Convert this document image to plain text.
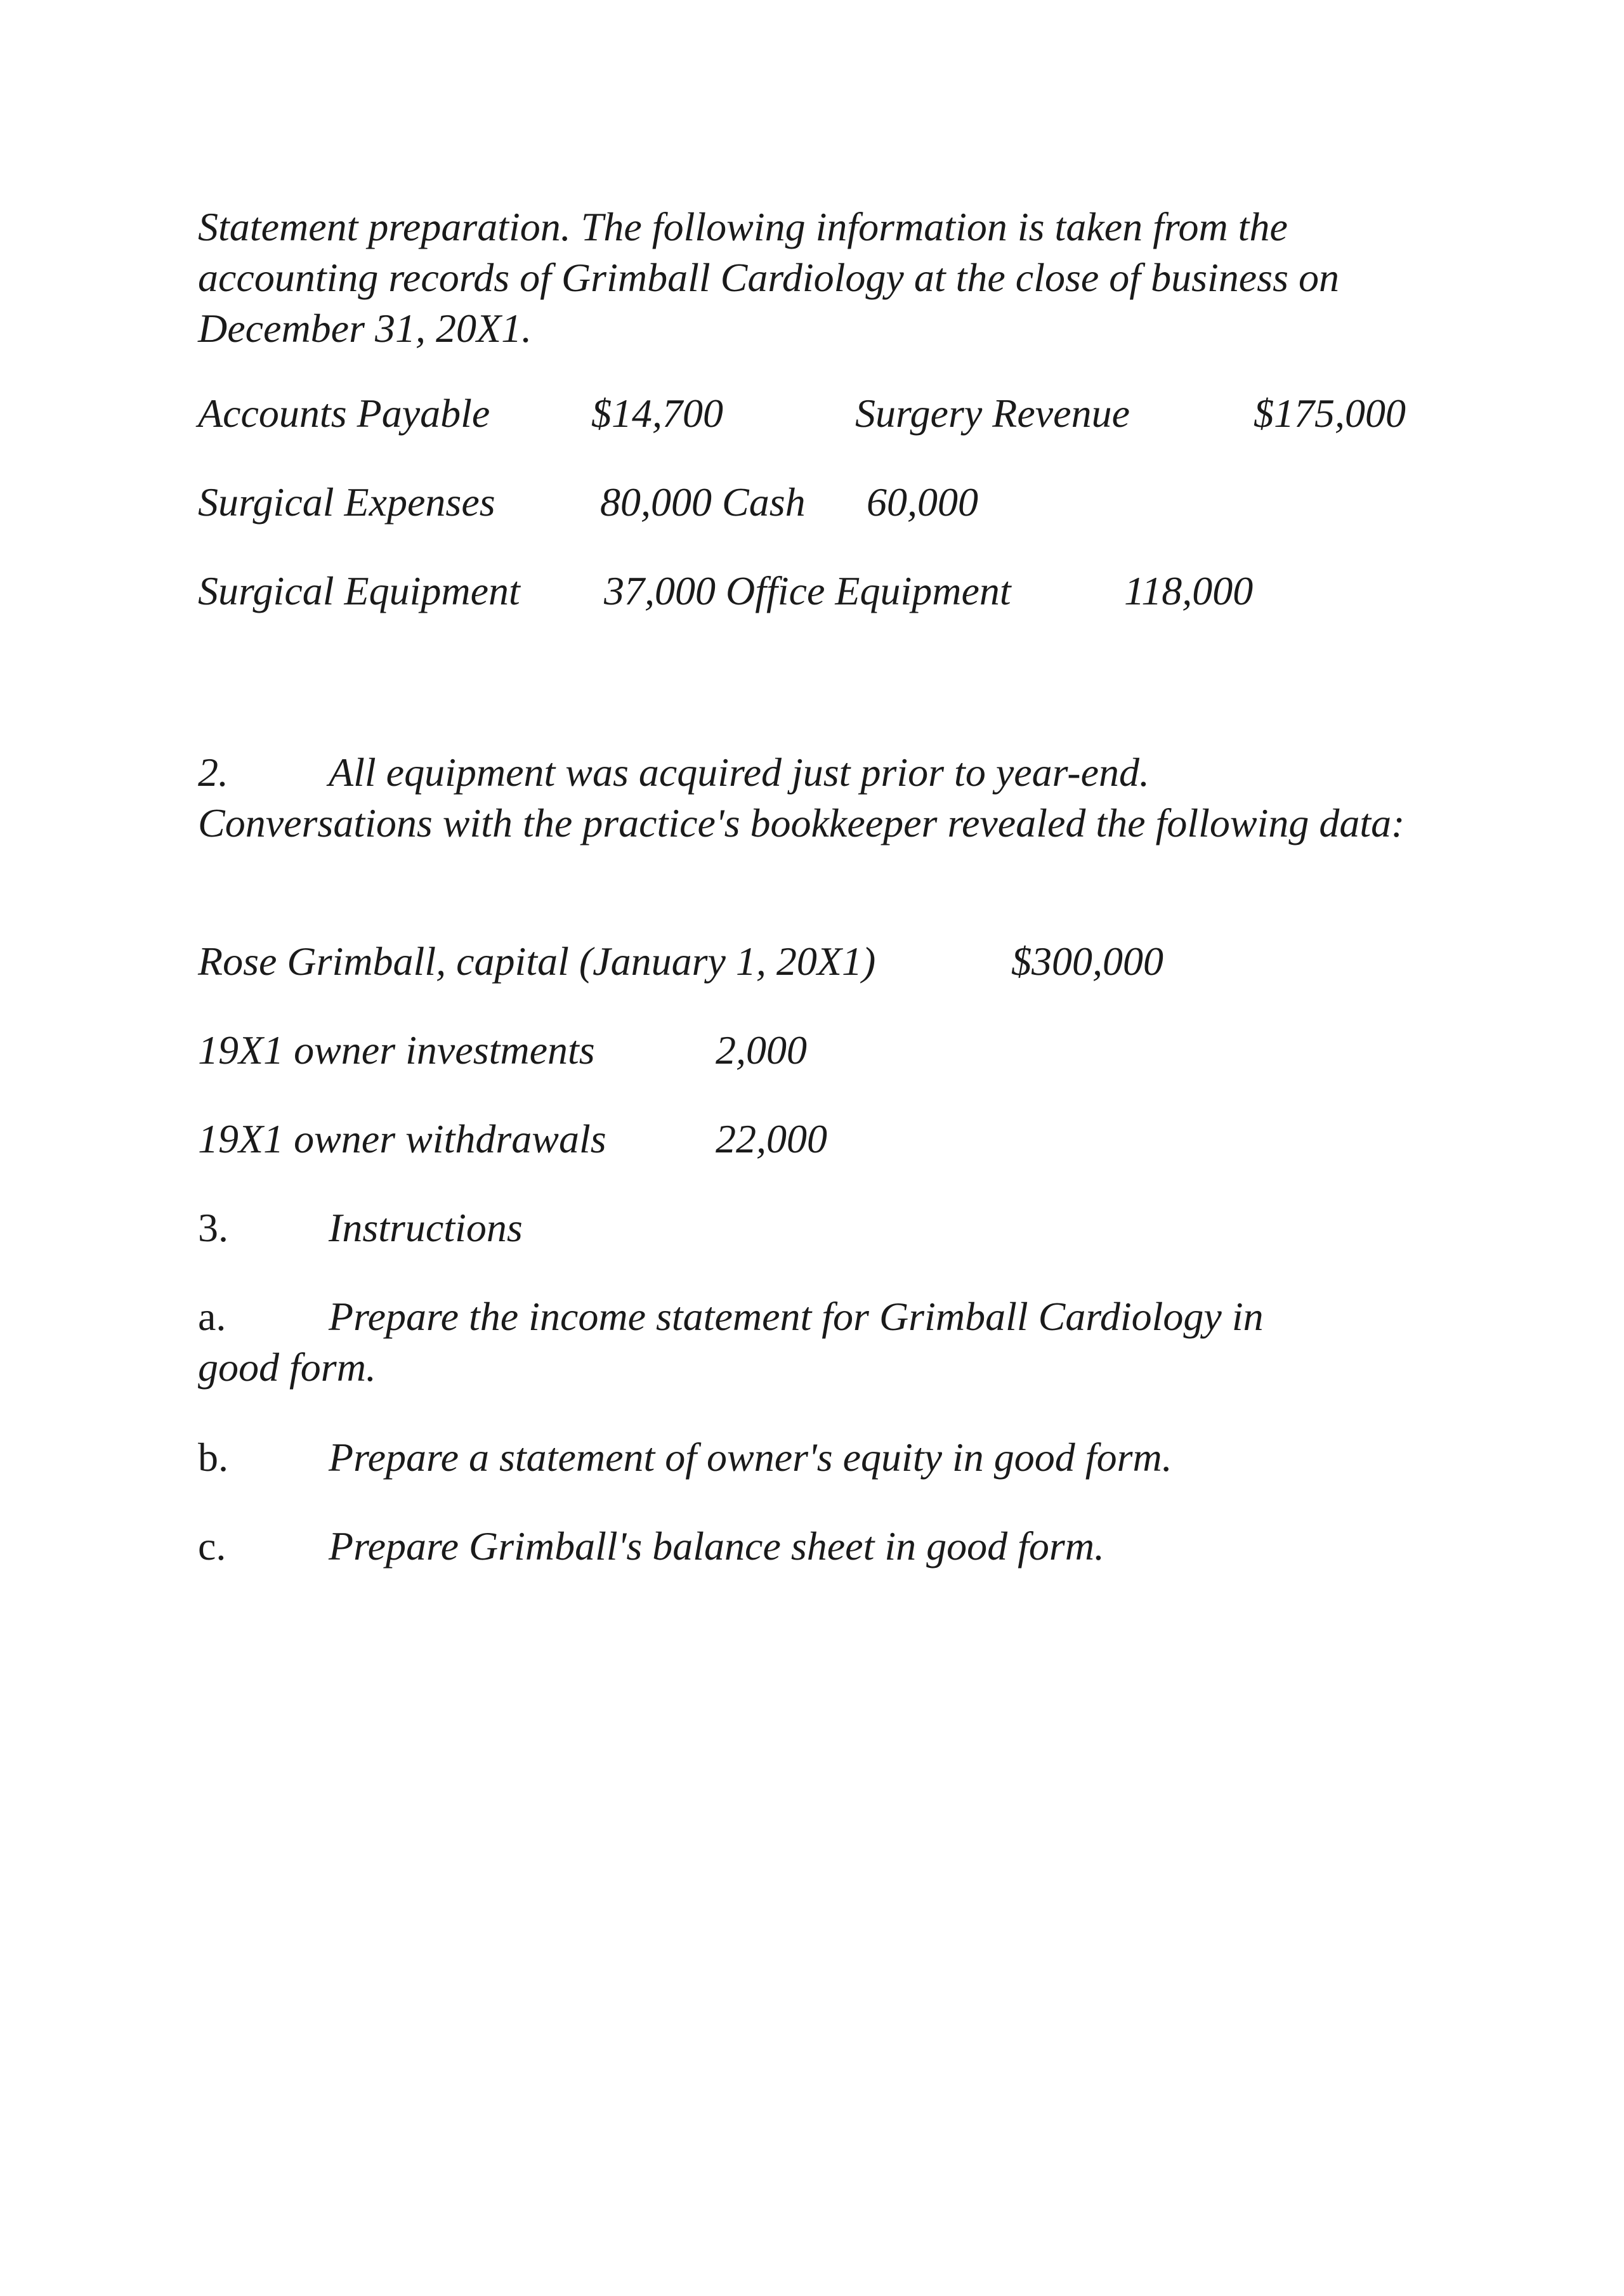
Statement preparation. The following information is taken from the accounting records of Grimball Cardiology at the close of business on December 31, 20X1.
Accounts Payable $14,700	Surgery Revenue	$175,000
Surgical Expenses	80,000 Cash 60,000
Surgical Equipment 37,000 Office Equipment	118,000
2. All equipment was acquired just prior to year-end.
Conversations with the practice's bookkeeper revealed the following data:
Rose Grimball, capital (January 1, 20X1)	$300,000
19X1 owner investments	2,000
19X1 owner withdrawals	22,000
3. Instructions
a.	Prepare the income statement for Grimball Cardiology in
good form.
b. Prepare a statement of owner's equity in good form.
c.	Prepare Grimball's balance sheet in good form.
